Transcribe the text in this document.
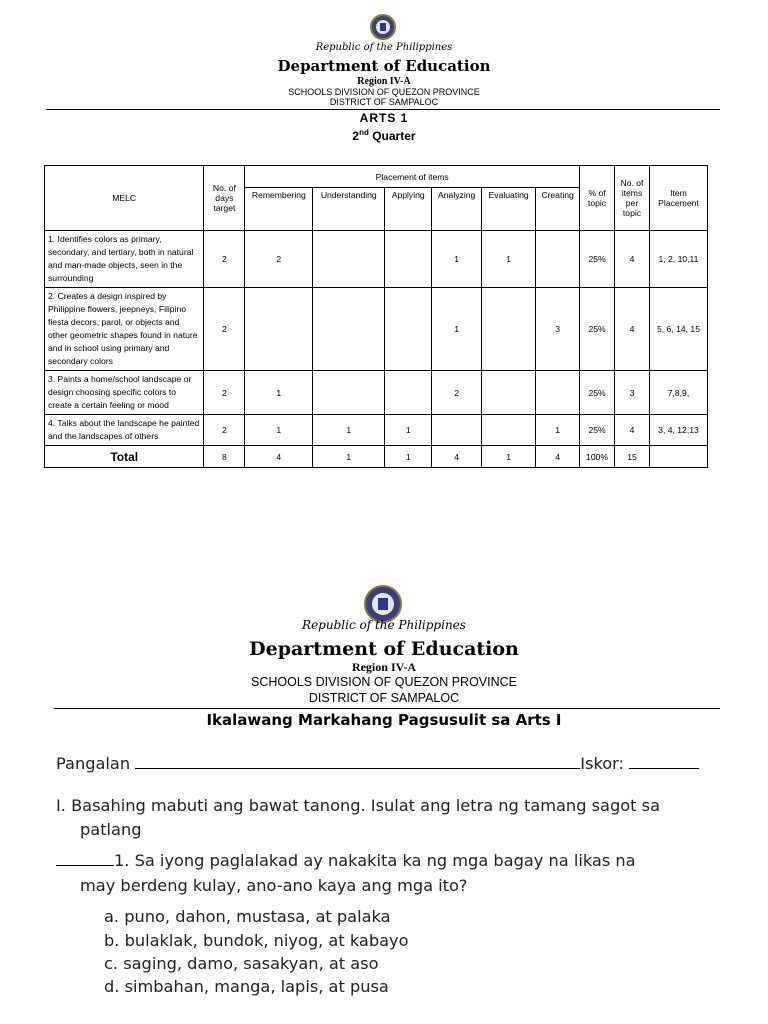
Republic of the Philippines
Department of Education
Region IV-A
SCHOOLS DIVISION OF QUEZON PROVINCE
DISTRICT OF SAMPALOC
ARTS 1
2nd Quarter
MELC	No. of days target	Placement of items						% of topic	No. of items per topic	Item Placement
		Remembering	Understanding	Applying	Analyzing	Evaluating	Creating			
1. Identifies colors as primary, secondary, and tertiary, both in natural and man-made objects, seen in the surrounding	2	2			1	1		25%	4	1, 2, 10,11
2. Creates a design inspired by Philippine flowers, jeepneys, Filipino fiesta decors, parol, or objects and other geometric shapes found in nature and in school using primary and secondary colors	2				1		3	25%	4	5, 6, 14, 15
3. Paints a home/school landscape or design choosing specific colors to create a certain feeling or mood	2	1			2			25%	3	7,8,9,
4. Talks about the landscape he painted and the landscapes of others	2	1	1	1			1	25%	4	3, 4, 12,13
Total	8	4	1	1	4	1	4	100%	15	
Republic of the Philippines
Department of Education
Region IV-A
SCHOOLS DIVISION OF QUEZON PROVINCE
DISTRICT OF SAMPALOC
Ikalawang Markahang Pagsusulit sa Arts I
Pangalan	Iskor:
I. Basahing mabuti ang bawat tanong. Isulat ang letra ng tamang sagot sa
patlang
1. Sa iyong paglalakad ay nakakita ka ng mga bagay na likas na
may berdeng kulay, ano-ano kaya ang mga ito?
a. puno, dahon, mustasa, at palaka
b. bulaklak, bundok, niyog, at kabayo
c. saging, damo, sasakyan, at aso
d. simbahan, manga, lapis, at pusa
